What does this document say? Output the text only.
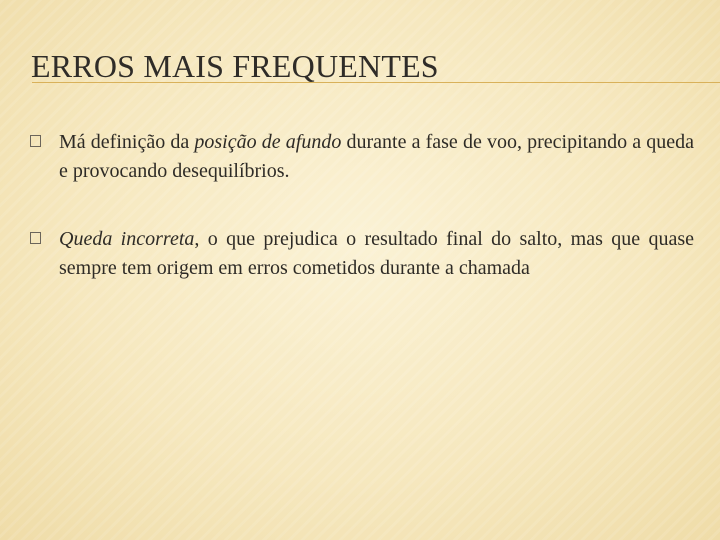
ERROS MAIS FREQUENTES
Má definição da posição de afundo durante a fase de voo, precipitando a queda e provocando desequilíbrios.
Queda incorreta, o que prejudica o resultado final do salto, mas que quase sempre tem origem em erros cometidos durante a chamada
